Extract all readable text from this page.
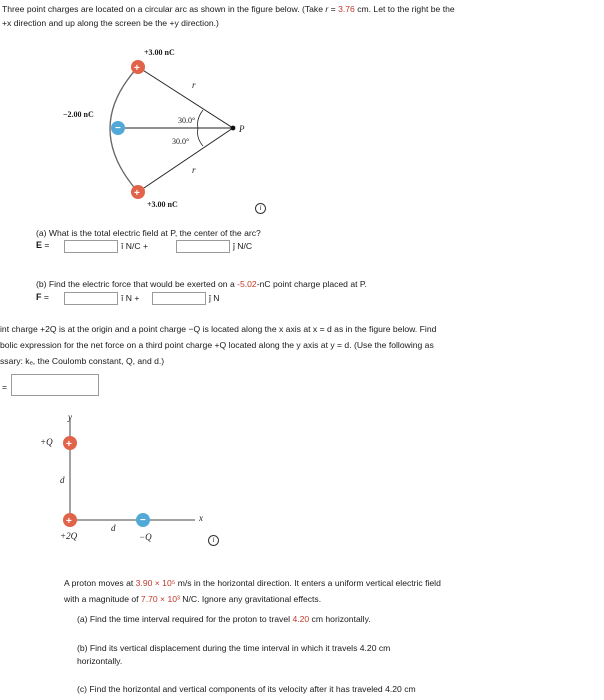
Three point charges are located on a circular arc as shown in the figure below. (Take r = 3.76 cm. Let to the right be the
+x direction and up along the screen be the +y direction.)
+
−
+
+3.00 nC
−2.00 nC
+3.00 nC
r
r
30.0°
30.0°
P
i
(a) What is the total electric field at P, the center of the arc?
E =	î N/C +	ĵ N/C
(b) Find the electric force that would be exerted on a -5.02-nC point charge placed at P.
F =	î N +	ĵ N
int charge +2Q is at the origin and a point charge −Q is located along the x axis at x = d as in the figure below. Find
bolic expression for the net force on a third point charge +Q located along the y axis at y = d. (Use the following as
ssary: kₑ, the Coulomb constant, Q, and d.)
=
+
+	−
y
x
+Q
d
d
+2Q	−Q	i
A proton moves at 3.90 × 10⁵ m/s in the horizontal direction. It enters a uniform vertical electric field
with a magnitude of 7.70 × 10³ N/C. Ignore any gravitational effects.
(a) Find the time interval required for the proton to travel 4.20 cm horizontally.
(b) Find its vertical displacement during the time interval in which it travels 4.20 cm
horizontally.
(c) Find the horizontal and vertical components of its velocity after it has traveled 4.20 cm
